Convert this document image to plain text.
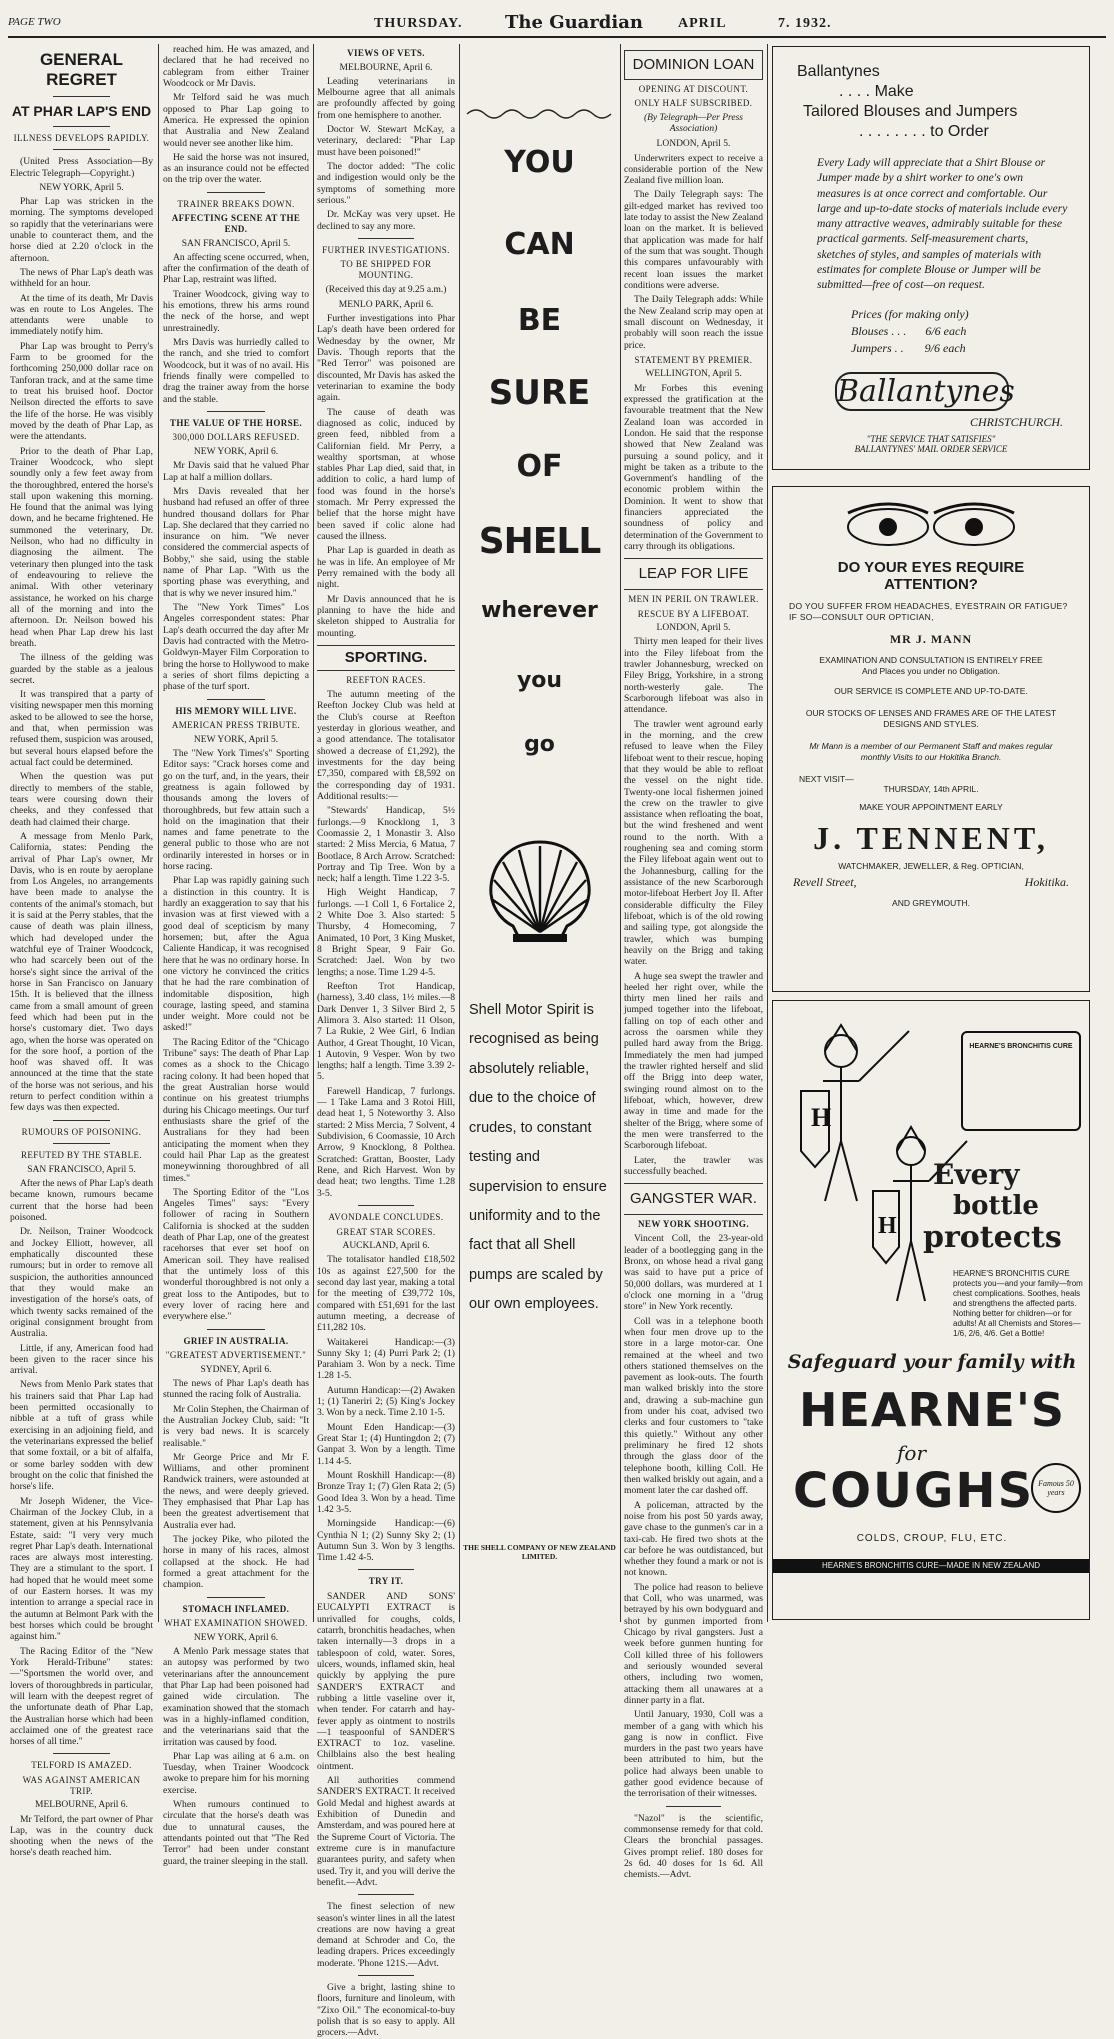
PAGE TWO	THURSDAY. The Guardian	APRIL	7. 1932.
GENERAL REGRET
AT PHAR LAP'S END
ILLNESS DEVELOPS RAPIDLY.

(United Press Association—By Electric Telegraph—Copyright.)

NEW YORK, April 5.

Phar Lap was stricken in the morning. The symptoms developed so rapidly that the veterinarians were unable to counteract them, and the horse died at 2.20 o'clock in the afternoon.

The news of Phar Lap's death was withheld for an hour.

At the time of its death, Mr Davis was en route to Los Angeles. The attendants were unable to immediately notify him.

Phar Lap was brought to Perry's Farm to be groomed for the forthcoming 250,000 dollar race on Tanforan track, and at the same time to treat his bruised hoof. Doctor Neilson directed the efforts to save the life of the horse. He was visibly moved by the death of Phar Lap, as were the attendants.

Prior to the death of Phar Lap, Trainer Woodcock, who slept soundly only a few feet away from the thoroughbred, entered the horse's stall upon wakening this morning. He found that the animal was lying down, and he became frightened. He summoned the veterinary, Dr. Neilson, who had no difficulty in diagnosing the ailment. The veterinary then plunged into the task of endeavouring to relieve the animal. With other veterinary assistance, he worked on his charge all of the morning and into the afternoon. Dr. Neilson bowed his head when Phar Lap drew his last breath.

The illness of the gelding was guarded by the stable as a jealous secret.

It was transpired that a party of visiting newspaper men this morning asked to be allowed to see the horse, and that, when permission was refused them, suspicion was aroused, but several hours elapsed before the actual fact could be determined.

When the question was put directly to members of the stable, tears were coursing down their cheeks, and they confessed that death had claimed their charge.

A message from Menlo Park, California, states: Pending the arrival of Phar Lap's owner, Mr Davis, who is en route by aeroplane from Los Angeles, no arrangements have been made to analyse the contents of the animal's stomach, but it is said at the Perry stables, that the cause of death was plain illness, which had developed under the watchful eye of Trainer Woodcock, who had scarcely been out of the horse's sight since the arrival of the horse in San Francisco on January 15th. It is believed that the illness came from a small amount of green feed which had been put in the horse's customary diet. Two days ago, when the horse was operated on for the sore hoof, a portion of the hoof was shaved off. It was announced at the time that the state of the horse was not serious, and his return to perfect condition within a few days was then expected.

RUMOURS OF POISONING.
REFUTED BY THE STABLE.
SAN FRANCISCO, April 5.

After the news of Phar Lap's death became known, rumours became current that the horse had been poisoned.

Dr. Neilson, Trainer Woodcock and Jockey Elliott, however, all emphatically discounted these rumours; but in order to remove all suspicion, the authorities announced that they would make an investigation of the horse's oats, of which twenty sacks remained of the original consignment brought from Australia.

Little, if any, American food had been given to the racer since his arrival.

News from Menlo Park states that his trainers said that Phar Lap had been permitted occasionally to nibble at a tuft of grass while exercising in an adjoining field, and the veterinarians expressed the belief that some foxtail, or a bit of alfalfa, or some barley sodden with dew brought on the colic that finished the horse's life.

Mr Joseph Widener, the Vice-Chairman of the Jockey Club, in a statement, given at his Pennsylvania Estate, said: "I very very much regret Phar Lap's death. International races are always most interesting. They are a stimulant to the sport. I had hoped that he would meet some of our Eastern horses. It was my intention to arrange a special race in the autumn at Belmont Park with the best horses which could be brought against him."

The Racing Editor of the "New York Herald-Tribune" states:—"Sportsmen the world over, and lovers of thoroughbreds in particular, will learn with the deepest regret of the unfortunate death of Phar Lap, the Australian horse which had been acclaimed one of the greatest race horses of all time."

TELFORD IS AMAZED.
WAS AGAINST AMERICAN TRIP.
MELBOURNE, April 6.

Mr Telford, the part owner of Phar Lap, was in the country duck shooting when the news of the horse's death reached him.

reached him. He was amazed, and declared that he had received no cablegram from either Trainer Woodcock or Mr Davis.

Mr Telford said he was much opposed to Phar Lap going to America. He expressed the opinion that Australia and New Zealand would never see another like him.

He said the horse was not insured, as an insurance could not be effected on the trip over the water.

TRAINER BREAKS DOWN.
AFFECTING SCENE AT THE END.
SAN FRANCISCO, April 5.

An affecting scene occurred, when, after the confirmation of the death of Phar Lap, restraint was lifted.

Trainer Woodcock, giving way to his emotions, threw his arms round the neck of the horse, and wept unrestrainedly.

Mrs Davis was hurriedly called to the ranch, and she tried to comfort Woodcock, but it was of no avail. His friends finally were compelled to drag the trainer away from the horse and the stable.

THE VALUE OF THE HORSE.
300,000 DOLLARS REFUSED.
NEW YORK, April 6.

Mr Davis said that he valued Phar Lap at half a million dollars.

Mrs Davis revealed that her husband had refused an offer of three hundred thousand dollars for Phar Lap. She declared that they carried no insurance on him. "We never considered the commercial aspects of Bobby," she said, using the stable name of Phar Lap. "With us the sporting phase was everything, and that is why we never insured him."

The "New York Times" Los Angeles correspondent states: Phar Lap's death occurred the day after Mr Davis had contracted with the Metro-Goldwyn-Mayer Film Corporation to bring the horse to Hollywood to make a series of short films depicting a phase of the turf sport.

HIS MEMORY WILL LIVE.
AMERICAN PRESS TRIBUTE.
NEW YORK, April 5.

The "New York Times's" Sporting Editor says: "Crack horses come and go on the turf, and, in the years, their greatness is again followed by thousands among the lovers of thoroughbreds, but few attain such a hold on the imagination that their names and fame penetrate to the general public to those who are not ordinarily interested in horses or in horse racing.

Phar Lap was rapidly gaining such a distinction in this country. It is hardly an exaggeration to say that his invasion was at first viewed with a good deal of scepticism by many horsemen; but, after the Agua Caliente Handicap, it was recognised here that he was no ordinary horse. In one victory he convinced the critics that he had the rare combination of indomitable disposition, high courage, lasting speed, and stamina under weight. More could not be asked!"

The Racing Editor of the "Chicago Tribune" says: The death of Phar Lap comes as a shock to the Chicago racing colony. It had been hoped that the great Australian horse would continue on his greatest triumphs during his Chicago meetings. Our turf enthusiasts share the grief of the Australians for they had been anticipating the moment when they could hail Phar Lap as the greatest moneywinning thoroughbred of all times."

The Sporting Editor of the "Los Angeles Times" says: "Every follower of racing in Southern California is shocked at the sudden death of Phar Lap, one of the greatest racehorses that ever set hoof on American soil. They have realised that the untimely loss of this wonderful thoroughbred is not only a great loss to the Antipodes, but to every lover of racing here and everywhere else."

GRIEF IN AUSTRALIA.
"GREATEST ADVERTISEMENT."
SYDNEY, April 6.

The news of Phar Lap's death has stunned the racing folk of Australia.

Mr Colin Stephen, the Chairman of the Australian Jockey Club, said: "It is very bad news. It is scarcely realisable."

Mr George Price and Mr F. Williams, and other prominent Randwick trainers, were astounded at the news, and were deeply grieved. They emphasised that Phar Lap has been the greatest advertisement that Australia ever had.

The jockey Pike, who piloted the horse in many of his races, almost collapsed at the shock. He had formed a great attachment for the champion.

STOMACH INFLAMED.
WHAT EXAMINATION SHOWED.
NEW YORK, April 6.

A Menlo Park message states that an autopsy was performed by two veterinarians after the announcement that Phar Lap had been poisoned had gained wide circulation. The examination showed that the stomach was in a highly-inflamed condition, and the veterinarians said that the irritation was caused by food.

Phar Lap was ailing at 6 a.m. on Tuesday, when Trainer Woodcock awoke to prepare him for his morning exercise.

When rumours continued to circulate that the horse's death was due to unnatural causes, the attendants pointed out that "The Red Terror" had been under constant guard, the trainer sleeping in the stall.

VIEWS OF VETS.
MELBOURNE, April 6.

Leading veterinarians in Melbourne agree that all animals are profoundly affected by going from one hemisphere to another.

Doctor W. Stewart McKay, a veterinary, declared: "Phar Lap must have been poisoned!"

The doctor added: "The colic and indigestion would only be the symptoms of something more serious."

Dr. McKay was very upset. He declined to say any more.

FURTHER INVESTIGATIONS.
TO BE SHIPPED FOR MOUNTING.
(Received this day at 9.25 a.m.)
MENLO PARK, April 6.

Further investigations into Phar Lap's death have been ordered for Wednesday by the owner, Mr Davis. Though reports that the "Red Terror" was poisoned are discounted, Mr Davis has asked the veterinarian to examine the body again.

The cause of death was diagnosed as colic, induced by green feed, nibbled from a Californian field. Mr Perry, a wealthy sportsman, at whose stables Phar Lap died, said that, in addition to colic, a hard lump of food was found in the horse's stomach. Mr Perry expressed the belief that the horse might have been saved if colic alone had caused the illness.

Phar Lap is guarded in death as he was in life. An employee of Mr Perry remained with the body all night.

Mr Davis announced that he is planning to have the hide and skeleton shipped to Australia for mounting.

SPORTING.
REEFTON RACES.

The autumn meeting of the Reefton Jockey Club was held at the Club's course at Reefton yesterday in glorious weather, and a good attendance. The totalisator showed a decrease of £1,292), the investments for the day being £7,350, compared with £8,592 on the corresponding day of 1931. Additional results:—

"Stewards' Handicap, 5½ furlongs.—9 Knocklong 1, 3 Coomassie 2, 1 Monastir 3. Also started: 2 Miss Mercia, 6 Matua, 7 Bootlace, 8 Arch Arrow. Scratched: Portray and Tip Tree. Won by a neck; half a length. Time 1.22 3-5.

High Weight Handicap, 7 furlongs. —1 Coll 1, 6 Fortalice 2, 2 White Doe 3. Also started: 5 Thursby, 4 Homecoming, 7 Animated, 10 Port, 3 King Musket, 8 Bright Spear, 9 Fair Go. Scratched: Jael. Won by two lengths; a nose. Time 1.29 4-5.

Reefton Trot Handicap, (harness), 3.40 class, 1½ miles.—8 Dark Denver 1, 3 Silver Bird 2, 5 Alimora 3. Also started: 11 Olson, 7 La Rukie, 2 Wee Girl, 6 Indian Author, 4 Great Thought, 10 Vican, 1 Autovin, 9 Vesper. Won by two lengths; half a length. Time 3.39 2-5.

Farewell Handicap, 7 furlongs.— 1 Take Lama and 3 Rotoi Hill, dead heat 1, 5 Noteworthy 3. Also started: 2 Miss Mercia, 7 Solvent, 4 Subdivision, 6 Coomassie, 10 Arch Arrow, 9 Knocklong, 8 Polthea. Scratched: Grattan, Booster, Lady Rene, and Rich Harvest. Won by dead heat; two lengths. Time 1.28 3-5.

AVONDALE CONCLUDES.
GREAT STAR SCORES.
AUCKLAND, April 6.

The totalisator handled £18,502 10s as against £27,500 for the second day last year, making a total for the meeting of £39,772 10s, compared with £51,691 for the last autumn meeting, a decrease of £11,282 10s.

Waitakerei Handicap:—(3) Sunny Sky 1; (4) Purri Park 2; (1) Parahiam 3. Won by a neck. Time 1.28 1-5.

Autumn Handicap:—(2) Awaken 1; (1) Taneriri 2; (5) King's Jockey 3. Won by a neck. Time 2.10 1-5.

Mount Eden Handicap:—(3) Great Star 1; (4) Huntingdon 2; (7) Ganpat 3. Won by a length. Time 1.14 4-5.

Mount Roskhill Handicap:—(8) Bronze Tray 1; (7) Glen Rata 2; (5) Good Idea 3. Won by a head. Time 1.42 3-5.

Morningside Handicap:—(6) Cynthia N 1; (2) Sunny Sky 2; (1) Autumn Sun 3. Won by 3 lengths. Time 1.42 4-5.

TRY IT.

SANDER AND SONS' EUCALYPTI EXTRACT is unrivalled for coughs, colds, catarrh, bronchitis headaches, when taken internally—3 drops in a tablespoon of cold, water. Sores, ulcers, wounds, inflamed skin, heal quickly by applying the pure SANDER'S EXTRACT and rubbing a little vaseline over it, when tender. For catarrh and hay-fever apply as ointment to nostrils—1 teaspoonful of SANDER'S EXTRACT to 1oz. vaseline. Chilblains also the best healing ointment.

All authorities commend SANDER'S EXTRACT. It received Gold Medal and highest awards at Exhibition of Dunedin and Amsterdam, and was poured here at the Supreme Court of Victoria. The extreme cure is in manufacture guarantees purity, and safety when used. Try it, and you will derive the benefit.—Advt.

The finest selection of new season's winter lines in all the latest creations are now having a great demand at Schroder and Co, the leading drapers. Prices exceedingly moderate. 'Phone 121S.—Advt.

Give a bright, lasting shine to floors, furniture and linoleum, with "Zixo Oil." The economical-to-buy polish that is so easy to apply. All grocers.—Advt.

YOU
CAN
BE
SURE
OF
SHELL
wherever
you
go
Shell Motor Spirit is recognised as being absolutely reliable, due to the choice of crudes, to constant testing and supervision to ensure uniformity and to the fact that all Shell pumps are scaled by our own employees.
THE SHELL COMPANY OF NEW ZEALAND LIMITED.
DOMINION LOAN
OPENING AT DISCOUNT.
ONLY HALF SUBSCRIBED.
(By Telegraph—Per Press Association)
LONDON, April 5.

Underwriters expect to receive a considerable portion of the New Zealand five million loan.

The Daily Telegraph says: The gilt-edged market has revived too late today to assist the New Zealand loan on the market. It is believed that application was made for half of the sum that was sought. Though this compares unfavourably with recent loan issues the market conditions were adverse.

The Daily Telegraph adds: While the New Zealand scrip may open at small discount on Wednesday, it probably will soon reach the issue price.

STATEMENT BY PREMIER.
WELLINGTON, April 5.

Mr Forbes this evening expressed the gratification at the favourable treatment that the New Zealand loan was accorded in London. He said that the response showed that New Zealand was pursuing a sound policy, and it might be taken as a tribute to the Government's handling of the economic problem within the Dominion. It went to show that financiers appreciated the soundness of policy and determination of the Government to carry through its obligations.

LEAP FOR LIFE
MEN IN PERIL ON TRAWLER.
RESCUE BY A LIFEBOAT.
LONDON, April 5.

Thirty men leaped for their lives into the Filey lifeboat from the trawler Johannesburg, wrecked on Filey Brigg, Yorkshire, in a strong north-westerly gale. The Scarborough lifeboat was also in attendance.

The trawler went aground early in the morning, and the crew refused to leave when the Filey lifeboat went to their rescue, hoping that they would be able to refloat the vessel on the night tide. Twenty-one local fishermen joined the crew on the trawler to give assistance when refloating the boat, but the wind freshened and went round to the north. With a roughening sea and coming storm the Filey lifeboat again went out to the Johannesburg, calling for the assistance of the new Scarborough motor-lifeboat Herbert Joy II. After considerable difficulty the Filey lifeboat, which is of the old rowing and sailing type, got alongside the trawler, which was bumping heavily on the Brigg and taking water.

A huge sea swept the trawler and heeled her right over, while the thirty men lined her rails and jumped together into the lifeboat, falling on top of each other and across the oarsmen while they pulled hard away from the Brigg. Immediately the men had jumped the trawler righted herself and slid off the Brigg into deep water, swinging round almost on to the lifeboat, which, however, drew away in time and made for the shelter of the Brigg, where some of the men were transferred to the Scarborough lifeboat.

Later, the trawler was successfully beached.

GANGSTER WAR.
NEW YORK SHOOTING.

Vincent Coll, the 23-year-old leader of a bootlegging gang in the Bronx, on whose head a rival gang was said to have put a price of 50,000 dollars, was murdered at 1 o'clock one morning in a "drug store" in New York recently.

Coll was in a telephone booth when four men drove up to the store in a large motor-car. One remained at the wheel and two others stationed themselves on the pavement as look-outs. The fourth man walked briskly into the store and, drawing a sub-machine gun from under his coat, advised two clerks and four customers to "take this quietly." Without any other preliminary he fired 12 shots through the glass door of the telephone booth, killing Coll. He then walked briskly out again, and a moment later the car dashed off.

A policeman, attracted by the noise from his post 50 yards away, gave chase to the gunmen's car in a taxi-cab. He fired two shots at the car before he was outdistanced, but whether they found a mark or not is not known.

The police had reason to believe that Coll, who was unarmed, was betrayed by his own bodyguard and shot by gunmen imported from Chicago by rival gangsters. Just a week before gunmen hunting for Coll killed three of his followers and seriously wounded several others, including two women, attacking them all unawares at a dinner party in a flat.

Until January, 1930, Coll was a member of a gang with which his gang is now in conflict. Five murders in the past two years have been attributed to him, but the police had always been unable to gather good evidence because of the terrorisation of their witnesses.

"Nazol" is the scientific, commonsense remedy for that cold. Clears the bronchial passages. Gives prompt relief. 180 doses for 2s 6d. 40 doses for 1s 6d. All chemists.—Advt.

Ballantynes
. . . . Make
Tailored Blouses and Jumpers
. . . . . . . . to Order
Every Lady will appreciate that a Shirt Blouse or Jumper made by a shirt worker to one's own measures is at once correct and comfortable. Our large and up-to-date stocks of materials include every many attractive weaves, admirably suitable for these practical garments. Self-measurement charts, sketches of styles, and samples of materials with estimates for complete Blouse or Jumper will be submitted—free of cost—on request.
Prices (for making only)
Blouses . . . 6/6 each
Jumpers . . 9/6 each
Ballantynes
CHRISTCHURCH.
"THE SERVICE THAT SATISFIES"
BALLANTYNES' MAIL ORDER SERVICE
DO YOUR EYES REQUIRE
ATTENTION?
DO YOU SUFFER FROM HEADACHES, EYESTRAIN OR FATIGUE? IF SO—CONSULT OUR OPTICIAN,
MR J. MANN
EXAMINATION AND CONSULTATION IS ENTIRELY FREE
And Places you under no Obligation.
OUR SERVICE IS COMPLETE AND UP-TO-DATE.
OUR STOCKS OF LENSES AND FRAMES ARE OF THE LATEST DESIGNS AND STYLES.
Mr Mann is a member of our Permanent Staff and makes regular monthly Visits to our Hokitika Branch.
NEXT VISIT—
THURSDAY, 14th APRIL.
MAKE YOUR APPOINTMENT EARLY
J. TENNENT,
WATCHMAKER, JEWELLER, & Reg. OPTICIAN,
Revell Street,	Hokitika.
AND GREYMOUTH.
H
H
HEARNE'S BRONCHITIS CURE
Every
bottle
protects
HEARNE'S BRONCHITIS CURE protects you—and your family—from chest complications. Soothes, heals and strengthens the affected parts. Nothing better for children—or for adults! At all Chemists and Stores—1/6, 2/6, 4/6. Get a Bottle!
Safeguard your family with
HEARNE'S
for
COUGHS Famous 50 years
COLDS, CROUP, FLU, ETC.
HEARNE'S BRONCHITIS CURE—MADE IN NEW ZEALAND
